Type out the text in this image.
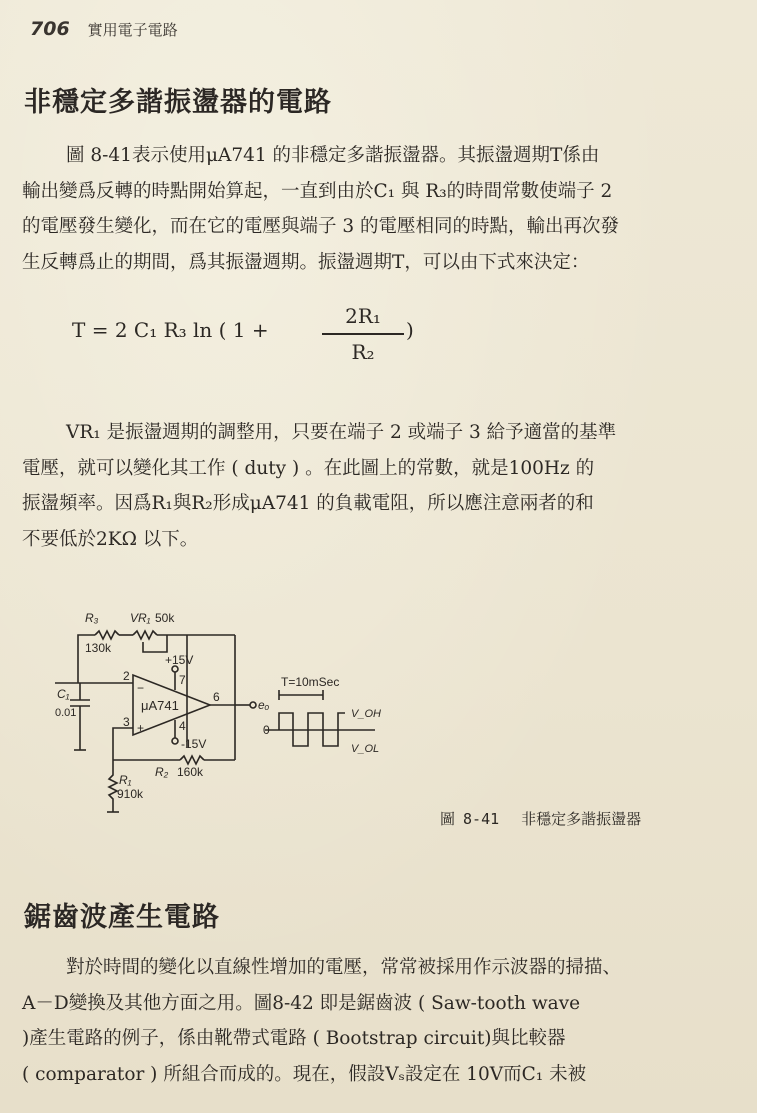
706 實用電子電路
非穩定多諧振盪器的電路
圖 8-41表示使用μA741 的非穩定多諧振盪器。其振盪週期T係由
輸出變爲反轉的時點開始算起，一直到由於C₁ 與 R₃的時間常數使端子 2
的電壓發生變化，而在它的電壓與端子 3 的電壓相同的時點，輸出再次發
生反轉爲止的期間，爲其振盪週期。振盪週期T，可以由下式來決定：
T = 2 C₁ R₃ ln ( 1 +
2R₁
R₂
)
VR₁ 是振盪週期的調整用，只要在端子 2 或端子 3 給予適當的基準
電壓，就可以變化其工作 ( duty ) 。在此圖上的常數，就是100Hz 的
振盪頻率。因爲R₁與R₂形成μA741 的負載電阻，所以應注意兩者的和
不要低於2KΩ 以下。
R₃
130k
VR₁ 50k
+15V
7
4
-15V
2
3
6
μA741
−
+
C₁
0.01
R₁
910k
R₂ 160k
eₒ
T=10mSec
0
V_OH
V_OL
圖 8-41 非穩定多諧振盪器
鋸齒波產生電路
對於時間的變化以直線性增加的電壓，常常被採用作示波器的掃描、
A－D變換及其他方面之用。圖8-42 即是鋸齒波 ( Saw-tooth wave
)產生電路的例子，係由靴帶式電路 ( Bootstrap circuit)與比較器
( comparator ) 所組合而成的。現在，假設Vₛ設定在 10V而C₁ 未被
